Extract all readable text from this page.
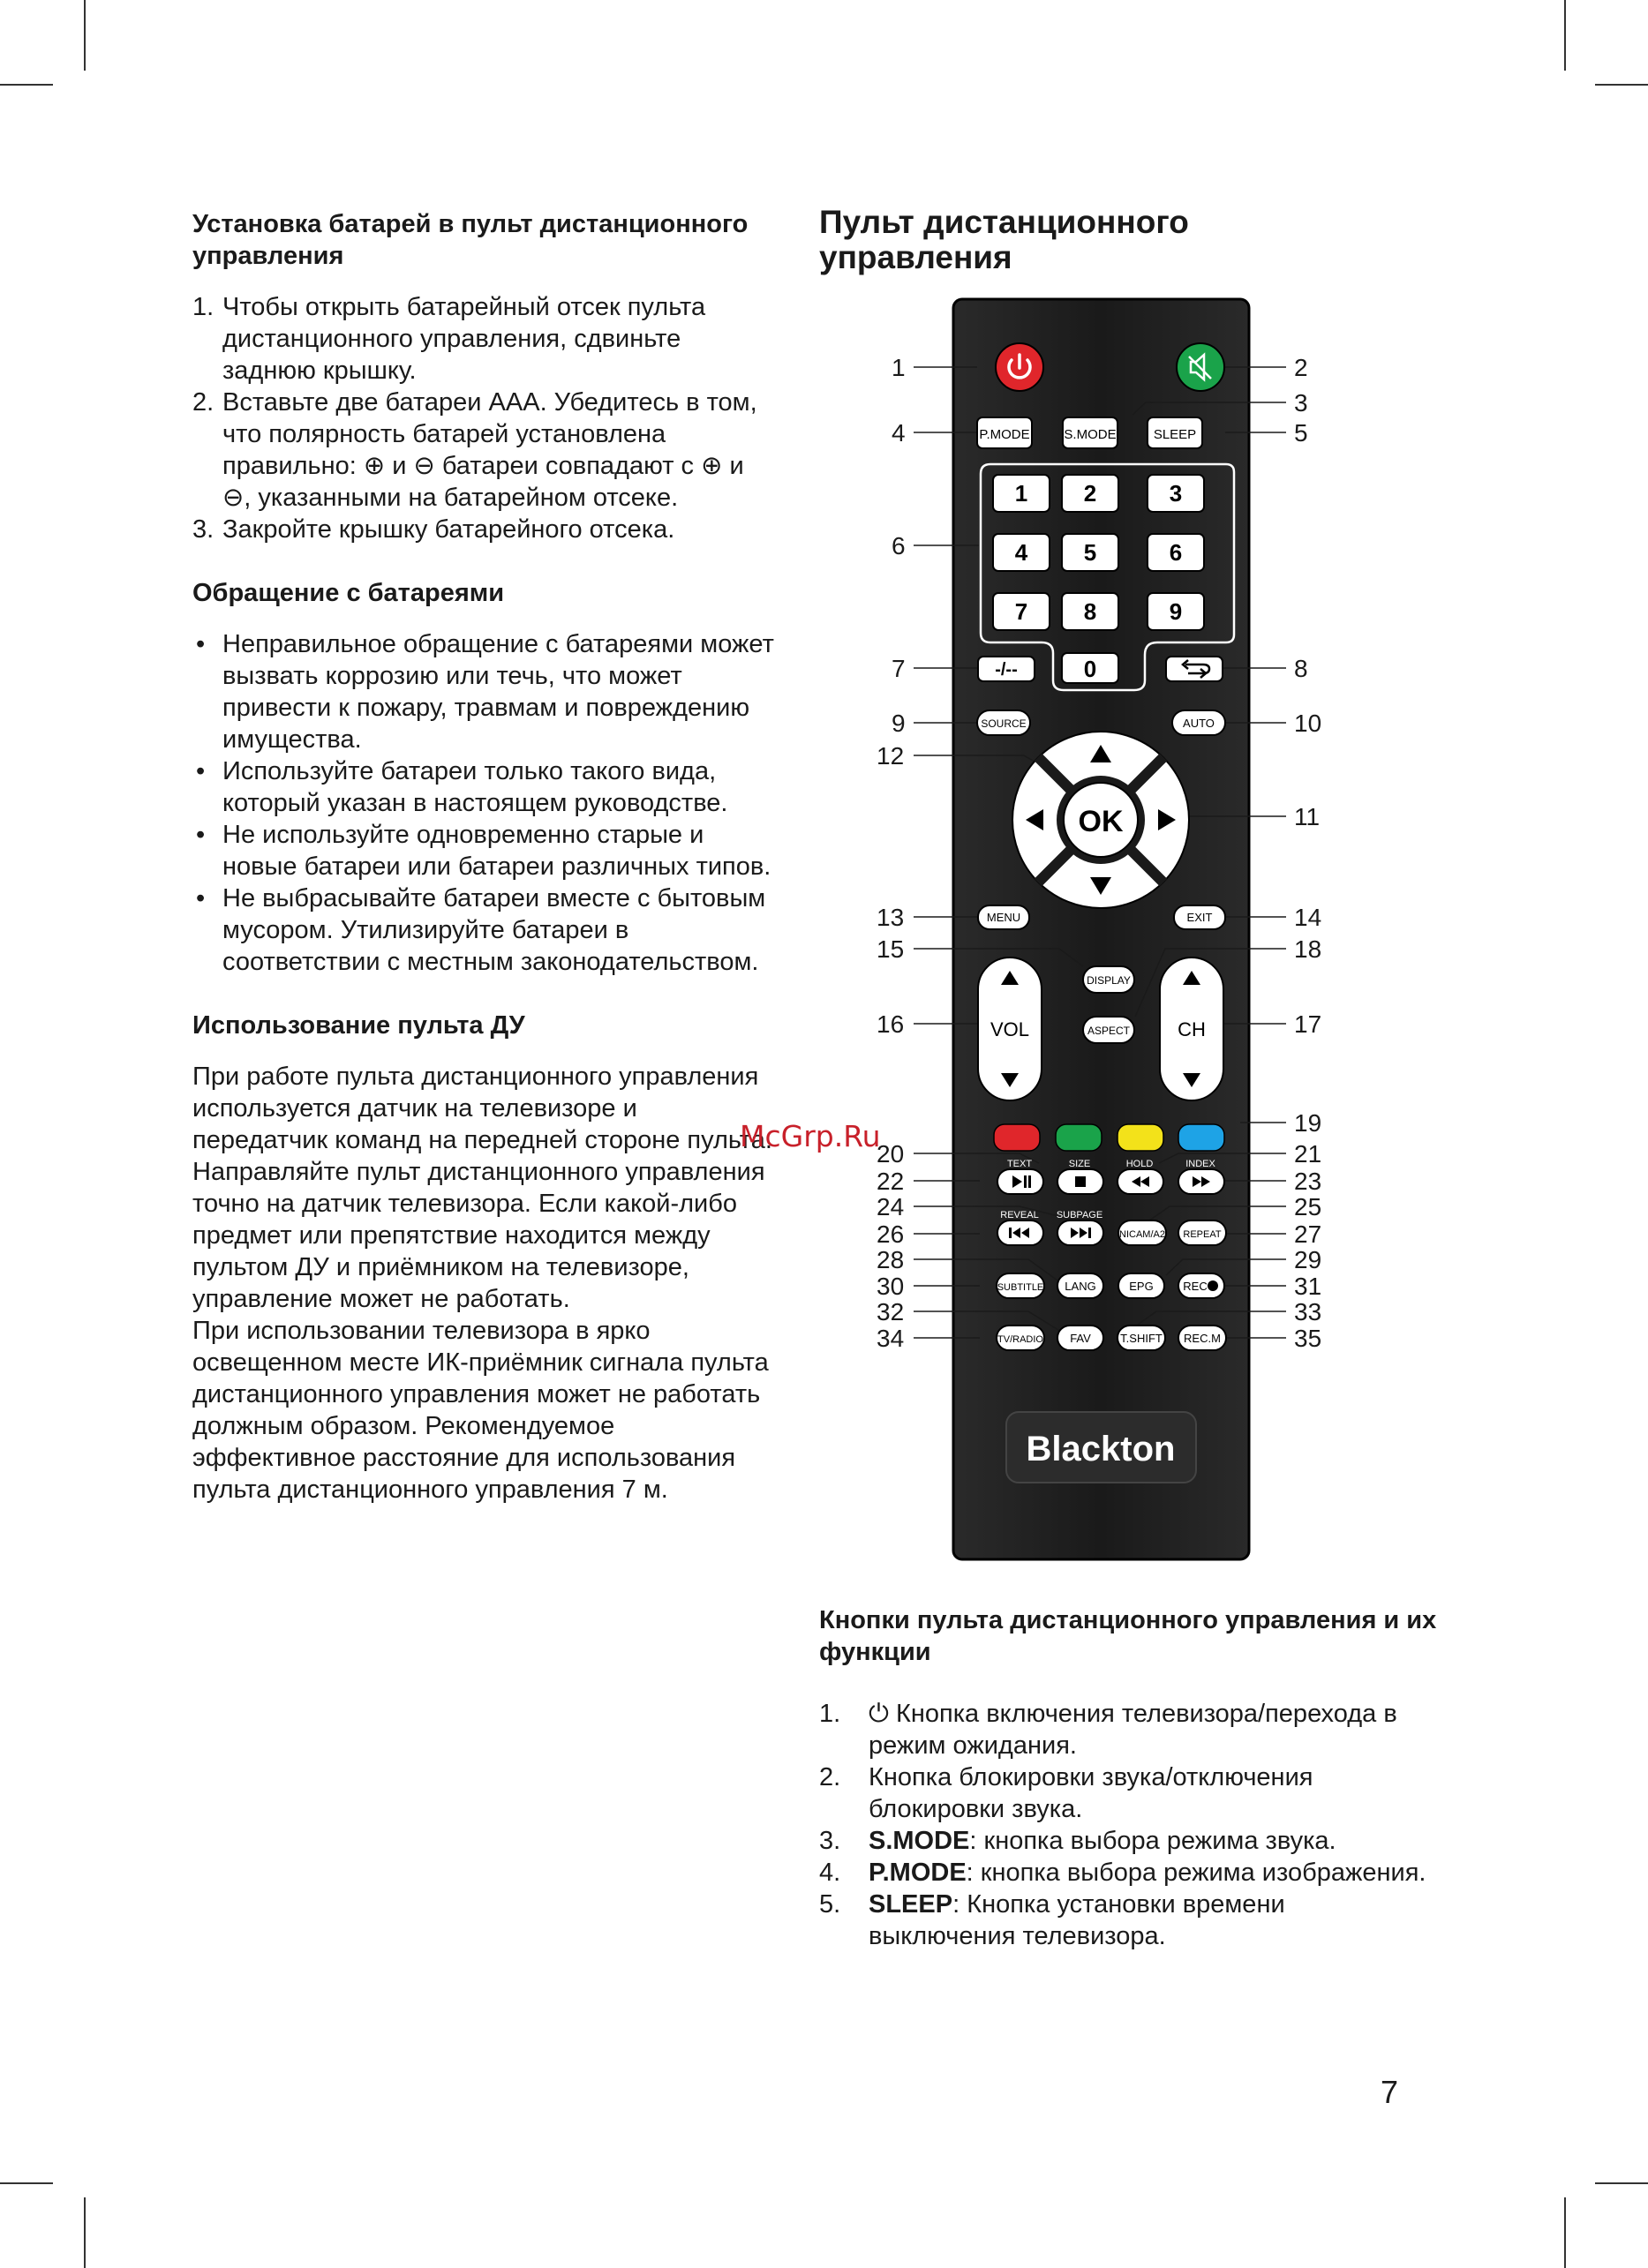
Установка батарей в пульт дистанционного управления
1. Чтобы открыть батарейный отсек пульта дистанционного управления, сдвиньте заднюю крышку.
2. Вставьте две батареи ААА. Убедитесь в том, что полярность батарей установлена правильно: ⊕ и ⊖ батареи совпадают с ⊕ и ⊖, указанными на батарейном отсеке.
3. Закройте крышку батарейного отсека.
Обращение с батареями
• Неправильное обращение с батареями может вызвать коррозию или течь, что может привести к пожару, травмам и повреждению имущества.
• Используйте батареи только такого вида, который указан в настоящем руководстве.
• Не используйте одновременно старые и новые батареи или батареи различных типов.
• Не выбрасывайте батареи вместе с бытовым мусором. Утилизируйте батареи в соответствии с местным законодательством.
Использование пульта ДУ

При работе пульта дистанционного управления используется датчик на телевизоре и передатчик команд на передней стороне пульта. Направляйте пульт дистанционного управления точно на датчик телевизора. Если какой-либо предмет или препятствие находится между пультом ДУ и приёмником на телевизоре, управление может не работать.

При использовании телевизора в ярко освещенном месте ИК-приёмник сигнала пульта дистанционного управления может не работать должным образом. Рекомендуемое эффективное расстояние для использования пульта дистанционного управления 7 м.

Пульт дистанционного управления
P.MODE	S.MODE	SLEEP
1 2	3
4 5	6
7 8	9
0
-/--
SOURCE	AUTO
OK
MENU	EXIT
VOL	CH
DISPLAY
ASPECT
TEXT	SIZE	HOLD	INDEX
REVEAL SUBPAGE
NICAM/A2 REPEAT
SUBTITLE LANG	EPG	REC
TV/RADIO FAV	T.SHIFT REC.M
Blackton
1	2
3
4	5
6
7	8
9	10
11
12
13	14
15
16	17
18
19
20	21
22	23
24	25
26	27
28	29
30	31
32	33
34	35
McGrp.Ru
Кнопки пульта дистанционного управления и их функции
1. ⏻ Кнопка включения телевизора/перехода в режим ожидания.
2. Кнопка блокировки звука/отключения блокировки звука.
3. S.MODE: кнопка выбора режима звука.
4. P.MODE: кнопка выбора режима изображения.
5. SLEEP: Кнопка установки времени выключения телевизора.
7
